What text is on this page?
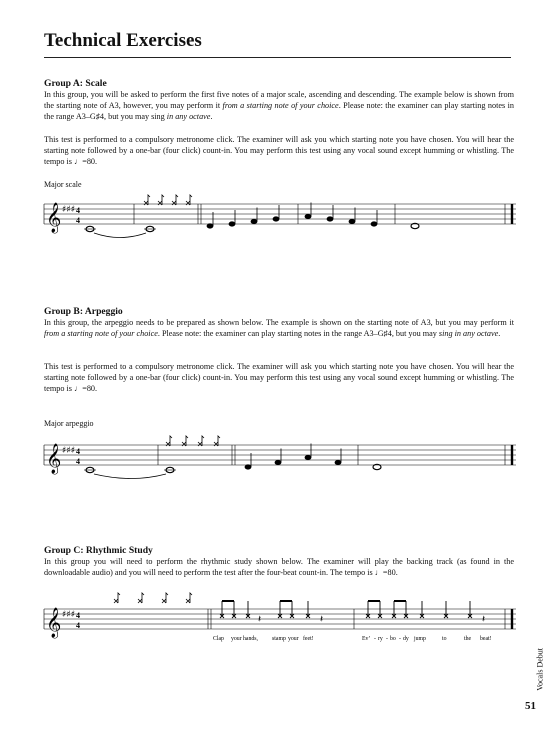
Technical Exercises
Group A: Scale

In this group, you will be asked to perform the first five notes of a major scale, ascending and descending. The example below is shown from the starting note of A3, however, you may perform it from a starting note of your choice. Please note: the examiner can play starting notes in the range A3–G♯4, but you may sing in any octave.

This test is performed to a compulsory metronome click. The examiner will ask you which starting note you have chosen. You will hear the starting note followed by a one-bar (four click) count-in. You may perform this test using any vocal sound except humming or whistling. The tempo is ♩=80.

Major scale

𝄞 ♯♯♯ 4
4
Group B: Arpeggio

In this group, the arpeggio needs to be prepared as shown below. The example is shown on the starting note of A3, but you may perform it from a starting note of your choice. Please note: the examiner can play starting notes in the range A3–G♯4, but you may sing in any octave.

This test is performed to a compulsory metronome click. The examiner will ask you which starting note you have chosen. You will hear the starting note followed by a one-bar (four click) count-in. You may perform this test using any vocal sound except humming or whistling. The tempo is ♩=80.

Major arpeggio

𝄞 ♯♯♯ 4
4
Group C: Rhythmic Study

In this group you will need to perform the rhythmic study shown below. The examiner will play the backing track (as found in the downloadable audio) and you will need to perform the test after the four-beat count-in. The tempo is ♩=80.

𝄞 ♯♯♯ 4
4
𝄽	𝄽	𝄽
Clap your hands, stamp your feet!	Ev’ - ry - bo - dy jump	to	the beat!
Vocals Debut
51
